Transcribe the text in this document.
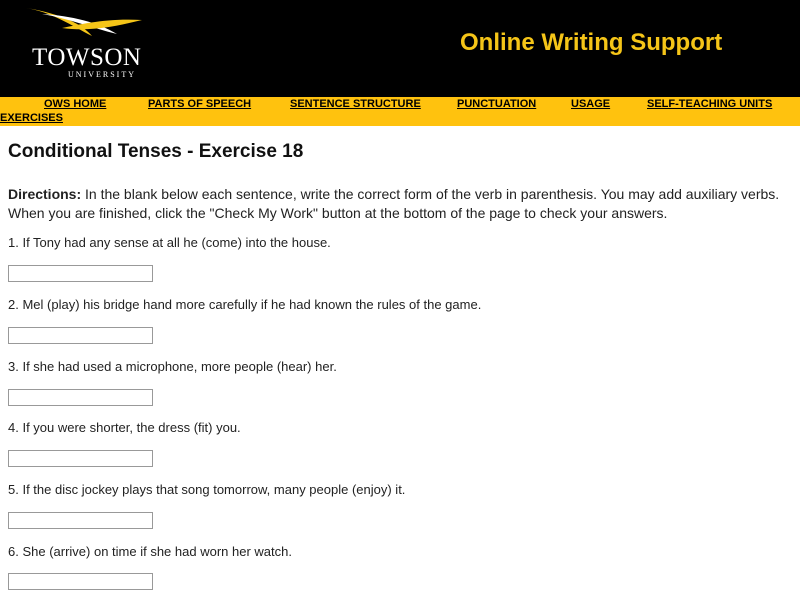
TOWSON
UNIVERSITY
Online Writing Support
OWS HOME	PARTS OF SPEECH	SENTENCE STRUCTURE	PUNCTUATION	USAGE	SELF-TEACHING UNITS
EXERCISES
Conditional Tenses - Exercise 18

Directions: In the blank below each sentence, write the correct form of the verb in parenthesis. You may add auxiliary verbs. When you are finished, click the "Check My Work" button at the bottom of the page to check your answers.

1. If Tony had any sense at all he (come) into the house.
2. Mel (play) his bridge hand more carefully if he had known the rules of the game.
3. If she had used a microphone, more people (hear) her.
4. If you were shorter, the dress (fit) you.
5. If the disc jockey plays that song tomorrow, many people (enjoy) it.
6. She (arrive) on time if she had worn her watch.
